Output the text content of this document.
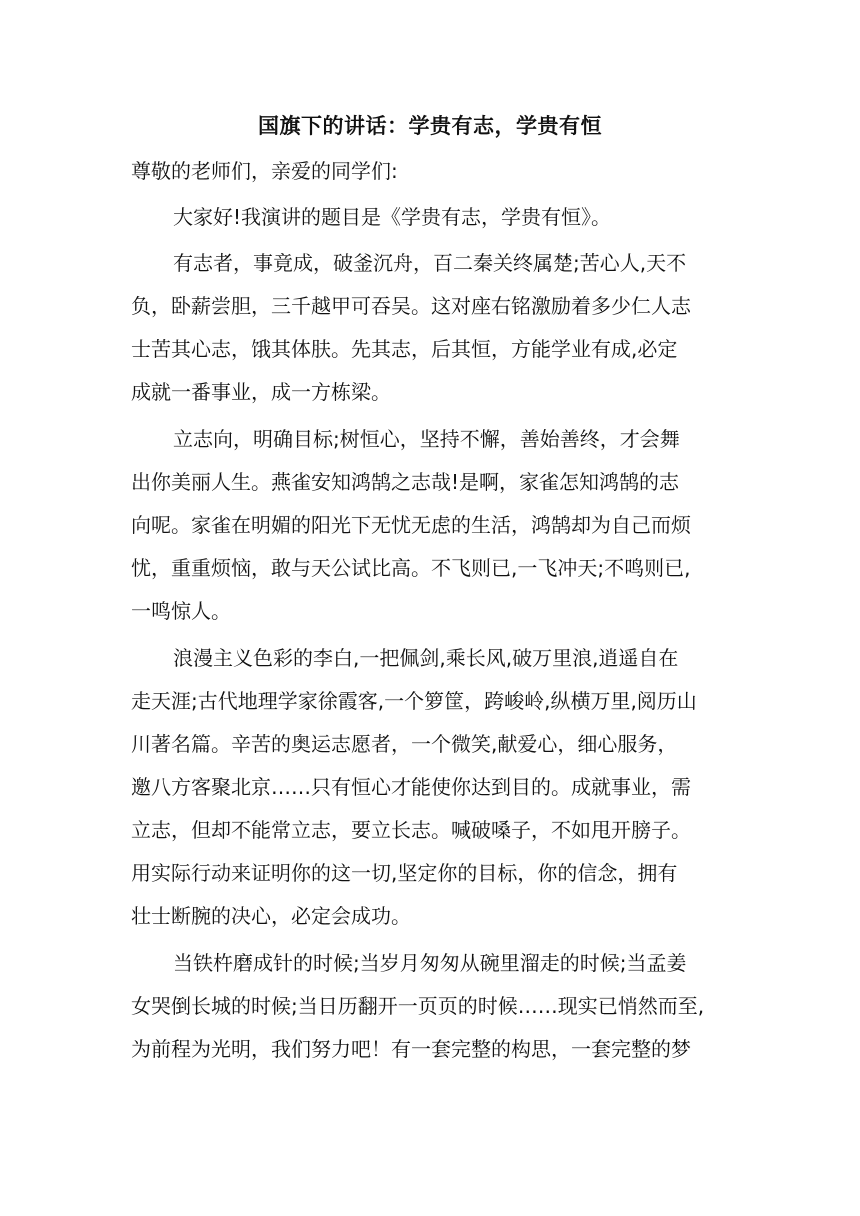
国旗下的讲话：学贵有志，学贵有恒
尊敬的老师们，亲爱的同学们:
大家好!我演讲的题目是《学贵有志，学贵有恒》。
有志者，事竟成，破釜沉舟，百二秦关终属楚;苦心人,天不
负，卧薪尝胆，三千越甲可吞吴。这对座右铭激励着多少仁人志
士苦其心志，饿其体肤。先其志，后其恒，方能学业有成,必定
成就一番事业，成一方栋梁。
立志向，明确目标;树恒心，坚持不懈，善始善终，才会舞
出你美丽人生。燕雀安知鸿鹄之志哉!是啊，家雀怎知鸿鹄的志
向呢。家雀在明媚的阳光下无忧无虑的生活，鸿鹄却为自己而烦
忧，重重烦恼，敢与天公试比高。不飞则已,一飞冲天;不鸣则已,
一鸣惊人。
浪漫主义色彩的李白,一把佩剑,乘长风,破万里浪,逍遥自在
走天涯;古代地理学家徐霞客,一个箩筐，跨峻岭,纵横万里,阅历山
川著名篇。辛苦的奥运志愿者，一个微笑,献爱心，细心服务，
邀八方客聚北京……只有恒心才能使你达到目的。成就事业，需
立志，但却不能常立志，要立长志。喊破嗓子，不如甩开膀子。
用实际行动来证明你的这一切,坚定你的目标，你的信念，拥有
壮士断腕的决心，必定会成功。
当铁杵磨成针的时候;当岁月匆匆从碗里溜走的时候;当孟姜
女哭倒长城的时候;当日历翻开一页页的时候……现实已悄然而至,
为前程为光明，我们努力吧！有一套完整的构思，一套完整的梦
